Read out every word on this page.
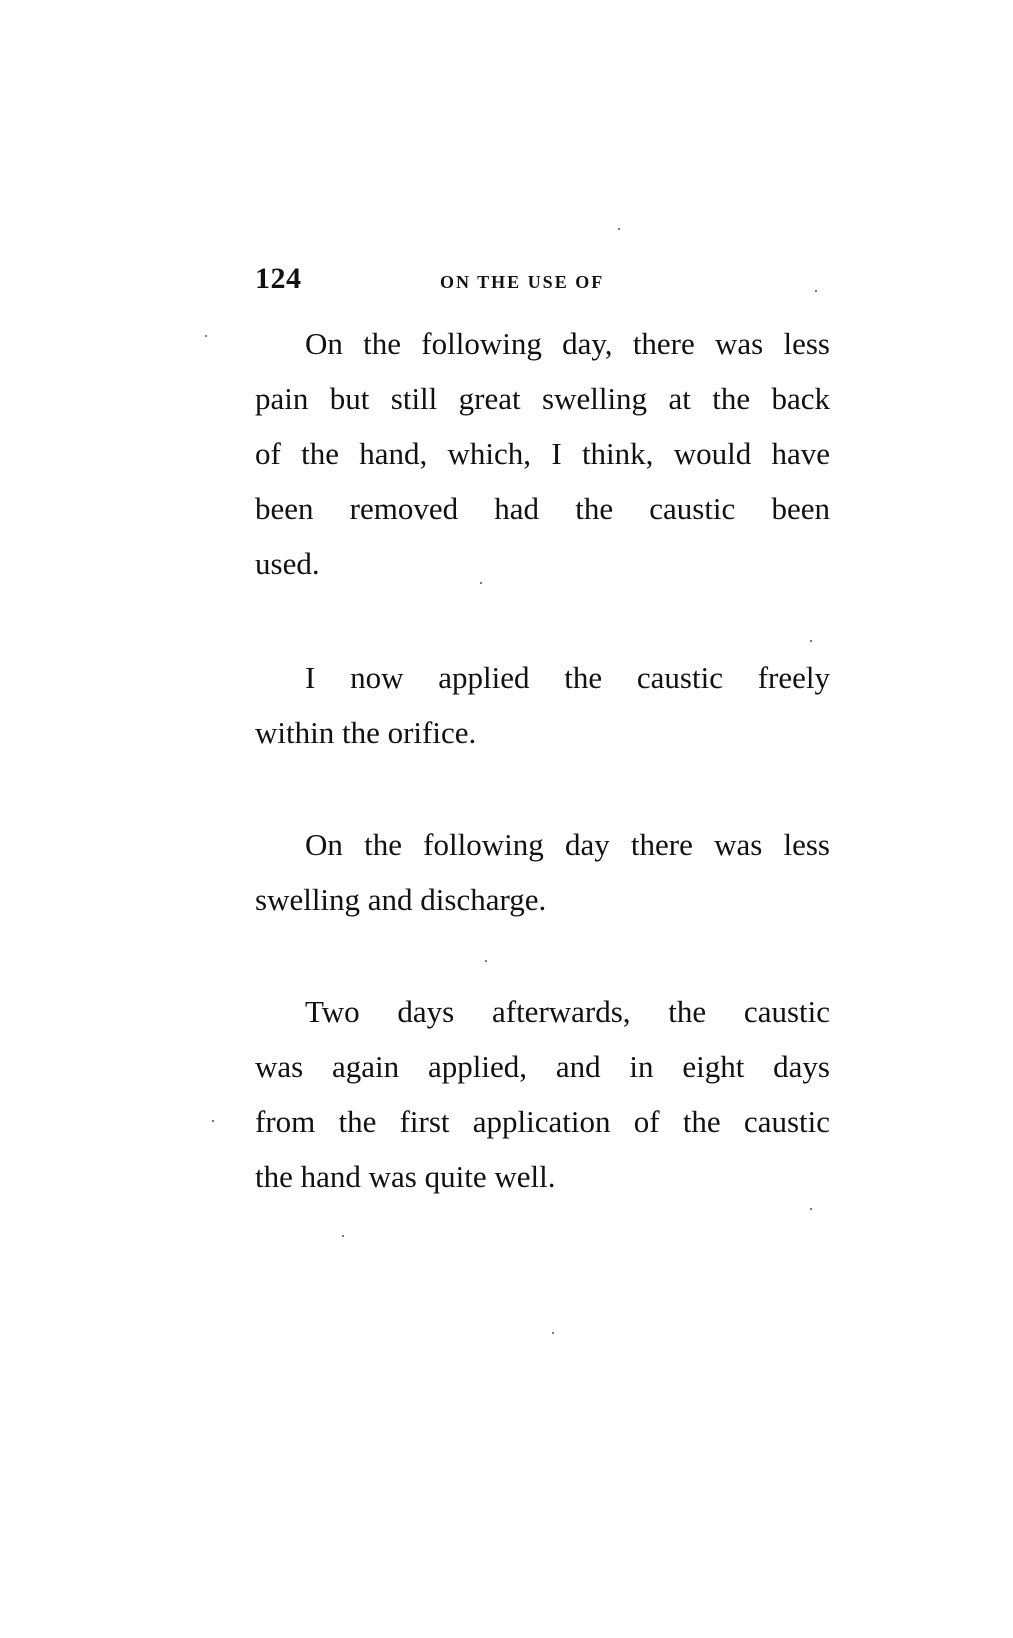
124	ON THE USE OF
On the following day, there was less
pain but still great swelling at the back
of the hand, which, I think, would have
been removed had the caustic been
used.
I now applied the caustic freely
within the orifice.
On the following day there was less
swelling and discharge.
Two days afterwards, the caustic
was again applied, and in eight days
from the first application of the caustic
the hand was quite well.
